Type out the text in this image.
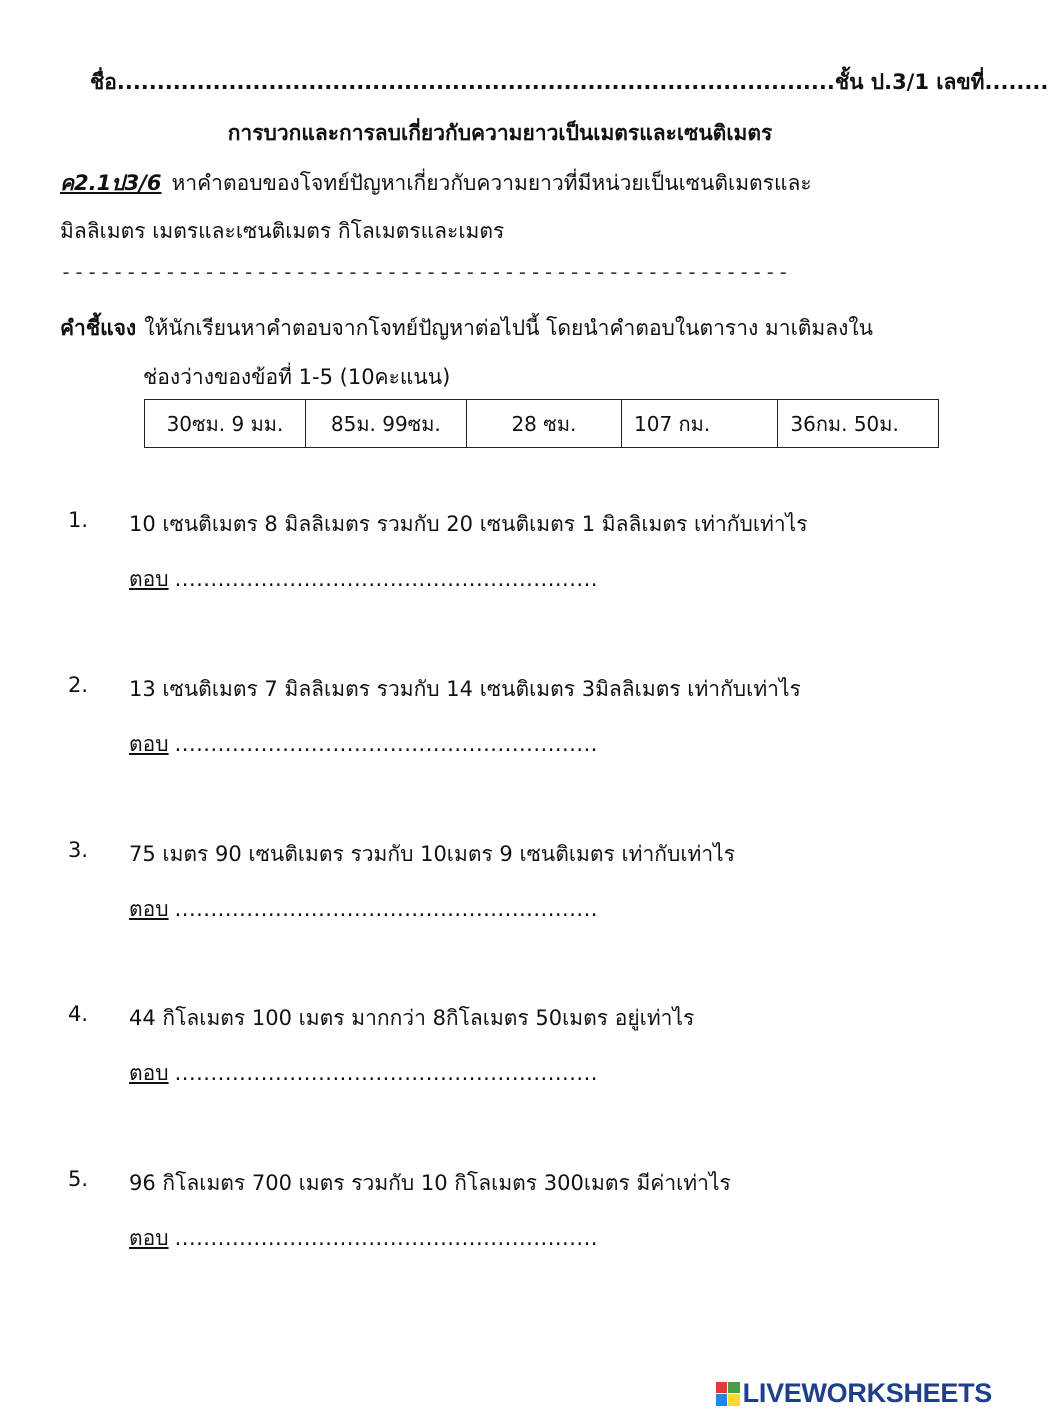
ชื่อ.......................................................................................... ชั้น ป.3/1 เลขที่........
การบวกและการลบเกี่ยวกับความยาวเป็นเมตรและเซนติเมตร
ค2.1ป3/6 หาคำตอบของโจทย์ปัญหาเกี่ยวกับความยาวที่มีหน่วยเป็นเซนติเมตรและ
มิลลิเมตร เมตรและเซนติเมตร กิโลเมตรและเมตร
--------------------------------------------------------
คำชี้แจง ให้นักเรียนหาคำตอบจากโจทย์ปัญหาต่อไปนี้ โดยนำคำตอบในตาราง มาเติมลงใน
ช่องว่างของข้อที่ 1-5 (10คะแนน)
30ซม. 9 มม.	85ม. 99ซม.	28 ซม.	107 กม.	36กม. 50ม.
1. 10 เซนติเมตร 8 มิลลิเมตร รวมกับ 20 เซนติเมตร 1 มิลลิเมตร เท่ากับเท่าไร
ตอบ ...........................................................
2. 13 เซนติเมตร 7 มิลลิเมตร รวมกับ 14 เซนติเมตร 3มิลลิเมตร เท่ากับเท่าไร
ตอบ ...........................................................
3. 75 เมตร 90 เซนติเมตร รวมกับ 10เมตร 9 เซนติเมตร เท่ากับเท่าไร
ตอบ ...........................................................
4. 44 กิโลเมตร 100 เมตร มากกว่า 8กิโลเมตร 50เมตร อยู่เท่าไร
ตอบ ...........................................................
5. 96 กิโลเมตร 700 เมตร รวมกับ 10 กิโลเมตร 300เมตร มีค่าเท่าไร
ตอบ ...........................................................
LIVEWORKSHEETS
